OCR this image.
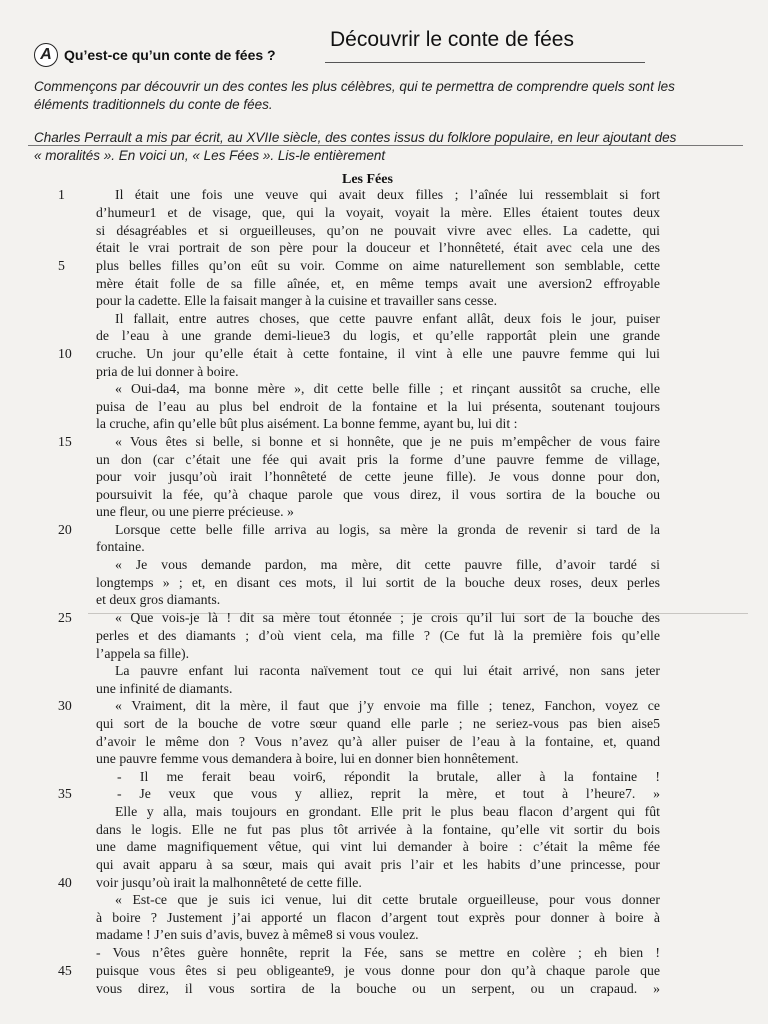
Découvrir le conte de fées
A Qu’est-ce qu’un conte de fées ?
Commençons par découvrir un des contes les plus célèbres, qui te permettra de comprendre quels sont les éléments traditionnels du conte de fées.
Charles Perrault a mis par écrit, au XVIIe siècle, des contes issus du folklore populaire, en leur ajoutant des « moralités ». En voici un, « Les Fées ». Lis-le entièrement
Les Fées
Il était une fois une veuve qui avait deux filles ; l’aînée lui ressemblait si fort
d’humeur1 et de visage, que, qui la voyait, voyait la mère. Elles étaient toutes deux
si désagréables et si orgueilleuses, qu’on ne pouvait vivre avec elles. La cadette, qui
était le vrai portrait de son père pour la douceur et l’honnêteté, était avec cela une des
plus belles filles qu’on eût su voir. Comme on aime naturellement son semblable, cette
mère était folle de sa fille aînée, et, en même temps avait une aversion2 effroyable
pour la cadette. Elle la faisait manger à la cuisine et travailler sans cesse.
Il fallait, entre autres choses, que cette pauvre enfant allât, deux fois le jour, puiser
de l’eau à une grande demi-lieue3 du logis, et qu’elle rapportât plein une grande
cruche. Un jour qu’elle était à cette fontaine, il vint à elle une pauvre femme qui lui
pria de lui donner à boire.
« Oui-da4, ma bonne mère », dit cette belle fille ; et rinçant aussitôt sa cruche, elle
puisa de l’eau au plus bel endroit de la fontaine et la lui présenta, soutenant toujours
la cruche, afin qu’elle bût plus aisément. La bonne femme, ayant bu, lui dit :
« Vous êtes si belle, si bonne et si honnête, que je ne puis m’empêcher de vous faire
un don (car c’était une fée qui avait pris la forme d’une pauvre femme de village,
pour voir jusqu’où irait l’honnêteté de cette jeune fille). Je vous donne pour don,
poursuivit la fée, qu’à chaque parole que vous direz, il vous sortira de la bouche ou
une fleur, ou une pierre précieuse. »
Lorsque cette belle fille arriva au logis, sa mère la gronda de revenir si tard de la
fontaine.
« Je vous demande pardon, ma mère, dit cette pauvre fille, d’avoir tardé si
longtemps » ; et, en disant ces mots, il lui sortit de la bouche deux roses, deux perles
et deux gros diamants.
« Que vois-je là ! dit sa mère tout étonnée ; je crois qu’il lui sort de la bouche des
perles et des diamants ; d’où vient cela, ma fille ? (Ce fut là la première fois qu’elle
l’appela sa fille).
La pauvre enfant lui raconta naïvement tout ce qui lui était arrivé, non sans jeter
une infinité de diamants.
« Vraiment, dit la mère, il faut que j’y envoie ma fille ; tenez, Fanchon, voyez ce
qui sort de la bouche de votre sœur quand elle parle ; ne seriez-vous pas bien aise5
d’avoir le même don ? Vous n’avez qu’à aller puiser de l’eau à la fontaine, et, quand
une pauvre femme vous demandera à boire, lui en donner bien honnêtement.
- Il me ferait beau voir6, répondit la brutale, aller à la fontaine !
- Je veux que vous y alliez, reprit la mère, et tout à l’heure7. »
Elle y alla, mais toujours en grondant. Elle prit le plus beau flacon d’argent qui fût
dans le logis. Elle ne fut pas plus tôt arrivée à la fontaine, qu’elle vit sortir du bois
une dame magnifiquement vêtue, qui vint lui demander à boire : c’était la même fée
qui avait apparu à sa sœur, mais qui avait pris l’air et les habits d’une princesse, pour
voir jusqu’où irait la malhonnêteté de cette fille.
« Est-ce que je suis ici venue, lui dit cette brutale orgueilleuse, pour vous donner
à boire ? Justement j’ai apporté un flacon d’argent tout exprès pour donner à boire à
madame ! J’en suis d’avis, buvez à même8 si vous voulez.
- Vous n’êtes guère honnête, reprit la Fée, sans se mettre en colère ; eh bien !
puisque vous êtes si peu obligeante9, je vous donne pour don qu’à chaque parole que
vous direz, il vous sortira de la bouche ou un serpent, ou un crapaud. »
1
5
10
15
20
25
30
35
40
45
